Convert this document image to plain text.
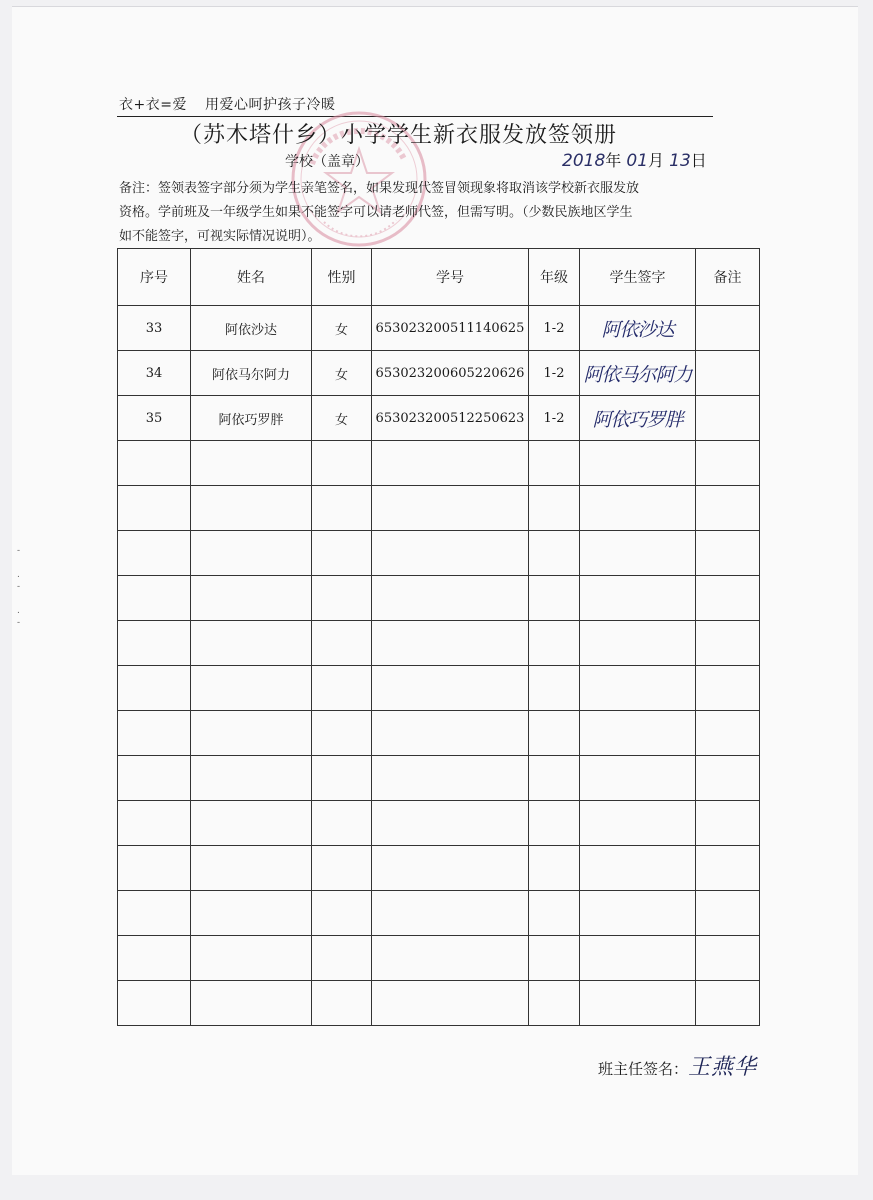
衣+衣=爱 用爱心呵护孩子冷暖
（苏木塔什乡）小学学生新衣服发放签领册
学校（盖章）	2018年 01月 13日
备注：签领表签字部分须为学生亲笔签名，如果发现代签冒领现象将取消该学校新衣服发放
资格。学前班及一年级学生如果不能签字可以请老师代签，但需写明。（少数民族地区学生
如不能签字，可视实际情况说明）。
序号	姓名	性别	学号	年级	学生签字	备注
33	阿依沙达	女	653023200511140625	1-2	阿依沙达	
34	阿依马尔阿力	女	653023200605220626	1-2	阿依马尔阿力	
35	阿依巧罗胖	女	653023200512250623	1-2	阿依巧罗胖	

班主任签名：王燕华
-

.
-

.
-
